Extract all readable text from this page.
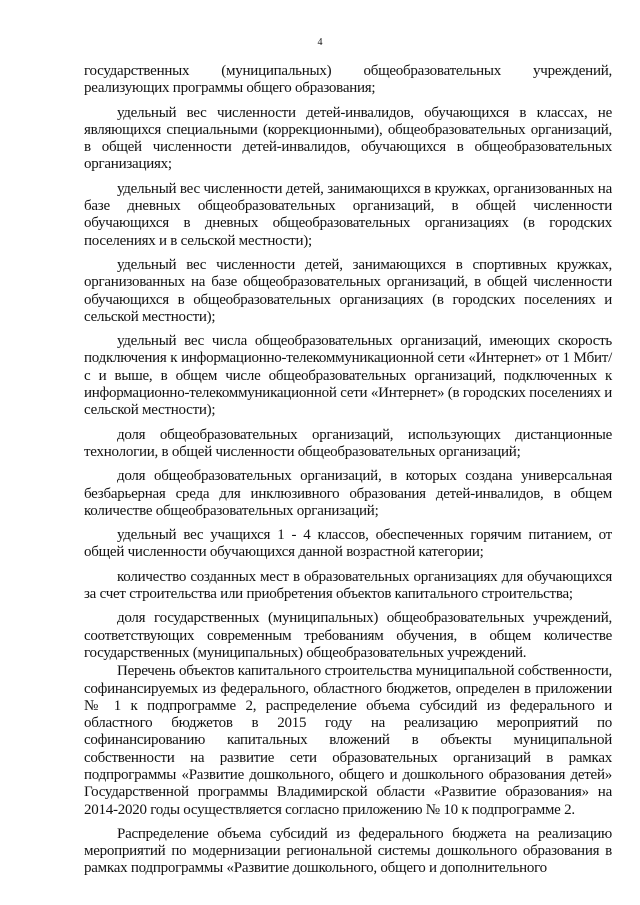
4

государственных (муниципальных) общеобразовательных учреждений, реализующих программы общего образования;

удельный вес численности детей-инвалидов, обучающихся в классах, не являющихся специальными (коррекционными), общеобразовательных организаций, в общей численности детей-инвалидов, обучающихся в общеобразовательных организациях;

удельный вес численности детей, занимающихся в кружках, организованных на базе дневных общеобразовательных организаций, в общей численности обучающихся в дневных общеобразовательных организациях (в городских поселениях и в сельской местности);

удельный вес численности детей, занимающихся в спортивных кружках, организованных на базе общеобразовательных организаций, в общей численности обучающихся в общеобразовательных организациях (в городских поселениях и сельской местности);

удельный вес числа общеобразовательных организаций, имеющих скорость подключения к информационно-телекоммуникационной сети «Интернет» от 1 Мбит/с и выше, в общем числе общеобразовательных организаций, подключенных к информационно-телекоммуникационной сети «Интернет» (в городских поселениях и сельской местности);

доля общеобразовательных организаций, использующих дистанционные технологии, в общей численности общеобразовательных организаций;

доля общеобразовательных организаций, в которых создана универсальная безбарьерная среда для инклюзивного образования детей-инвалидов, в общем количестве общеобразовательных организаций;

удельный вес учащихся 1 - 4 классов, обеспеченных горячим питанием, от общей численности обучающихся данной возрастной категории;

количество созданных мест в образовательных организациях для обучающихся за счет строительства или приобретения объектов капитального строительства;

доля государственных (муниципальных) общеобразовательных учреждений, соответствующих современным требованиям обучения, в общем количестве государственных (муниципальных) общеобразовательных учреждений.

Перечень объектов капитального строительства муниципальной собственности, софинансируемых из федерального, областного бюджетов, определен в приложении № 1 к подпрограмме 2, распределение объема субсидий из федерального и областного бюджетов в 2015 году на реализацию мероприятий по софинансированию капитальных вложений в объекты муниципальной собственности на развитие сети образовательных организаций в рамках подпрограммы «Развитие дошкольного, общего и дошкольного образования детей» Государственной программы Владимирской области «Развитие образования» на 2014-2020 годы осуществляется согласно приложению № 10 к подпрограмме 2.

Распределение объема субсидий из федерального бюджета на реализацию мероприятий по модернизации региональной системы дошкольного образования в рамках подпрограммы «Развитие дошкольного, общего и дополнительного
